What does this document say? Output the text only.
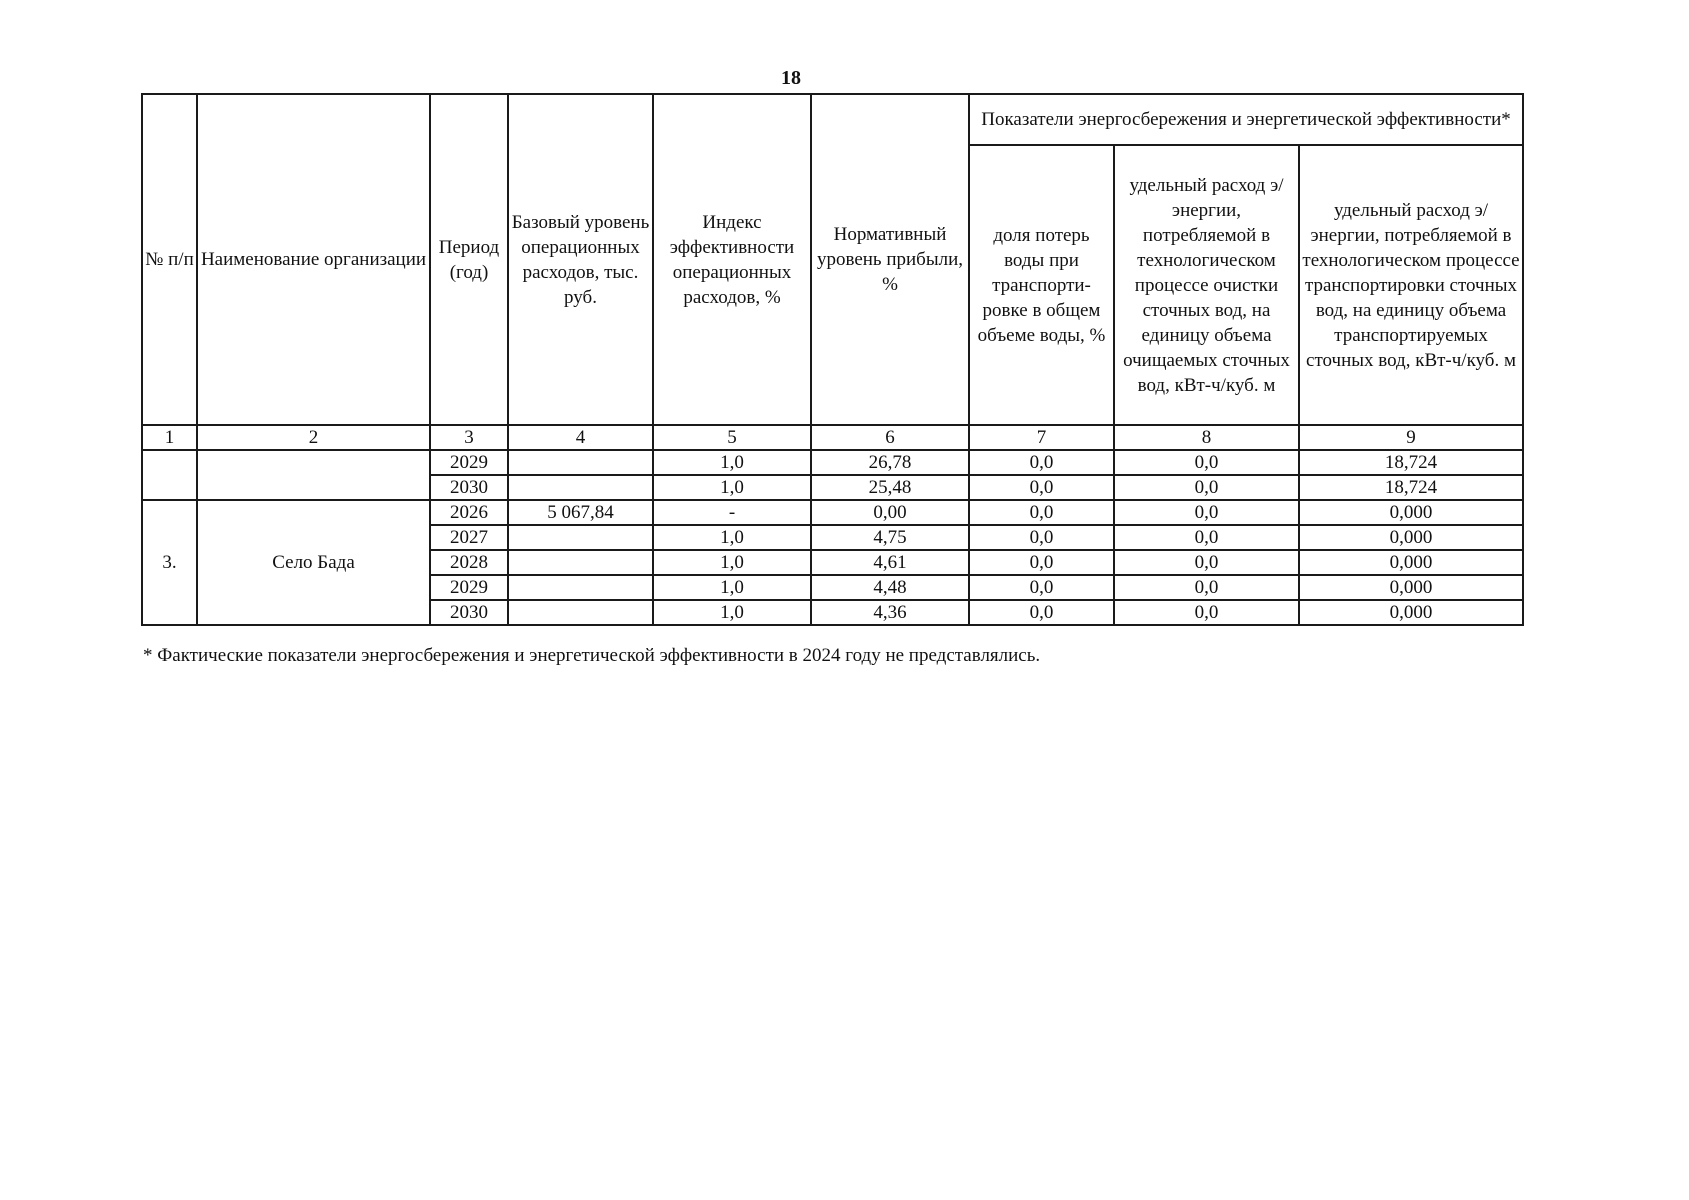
18
№ п/п	Наименование организации	Период (год)	Базовый уровень операционных расходов, тыс. руб.	Индекс эффективности операционных расходов, %	Нормативный уровень прибыли, %	Показатели энергосбережения и энергетической эффективности*		
						доля потерь воды при транспорти-ровке в общем объеме воды, %	удельный расход э/энергии, потребляемой в технологическом процессе очистки сточных вод, на единицу объема очищаемых сточных вод, кВт-ч/куб. м	удельный расход э/энергии, потребляемой в технологическом процессе транспортировки сточных вод, на единицу объема транспортируемых сточных вод, кВт-ч/куб. м
1	2	3	4	5	6	7	8	9
		2029		1,0	26,78	0,0	0,0	18,724
		2030		1,0	25,48	0,0	0,0	18,724
3.	Село Бада	2026	5 067,84	-	0,00	0,0	0,0	0,000
		2027		1,0	4,75	0,0	0,0	0,000
		2028		1,0	4,61	0,0	0,0	0,000
		2029		1,0	4,48	0,0	0,0	0,000
		2030		1,0	4,36	0,0	0,0	0,000
* Фактические показатели энергосбережения и энергетической эффективности в 2024 году не представлялись.
